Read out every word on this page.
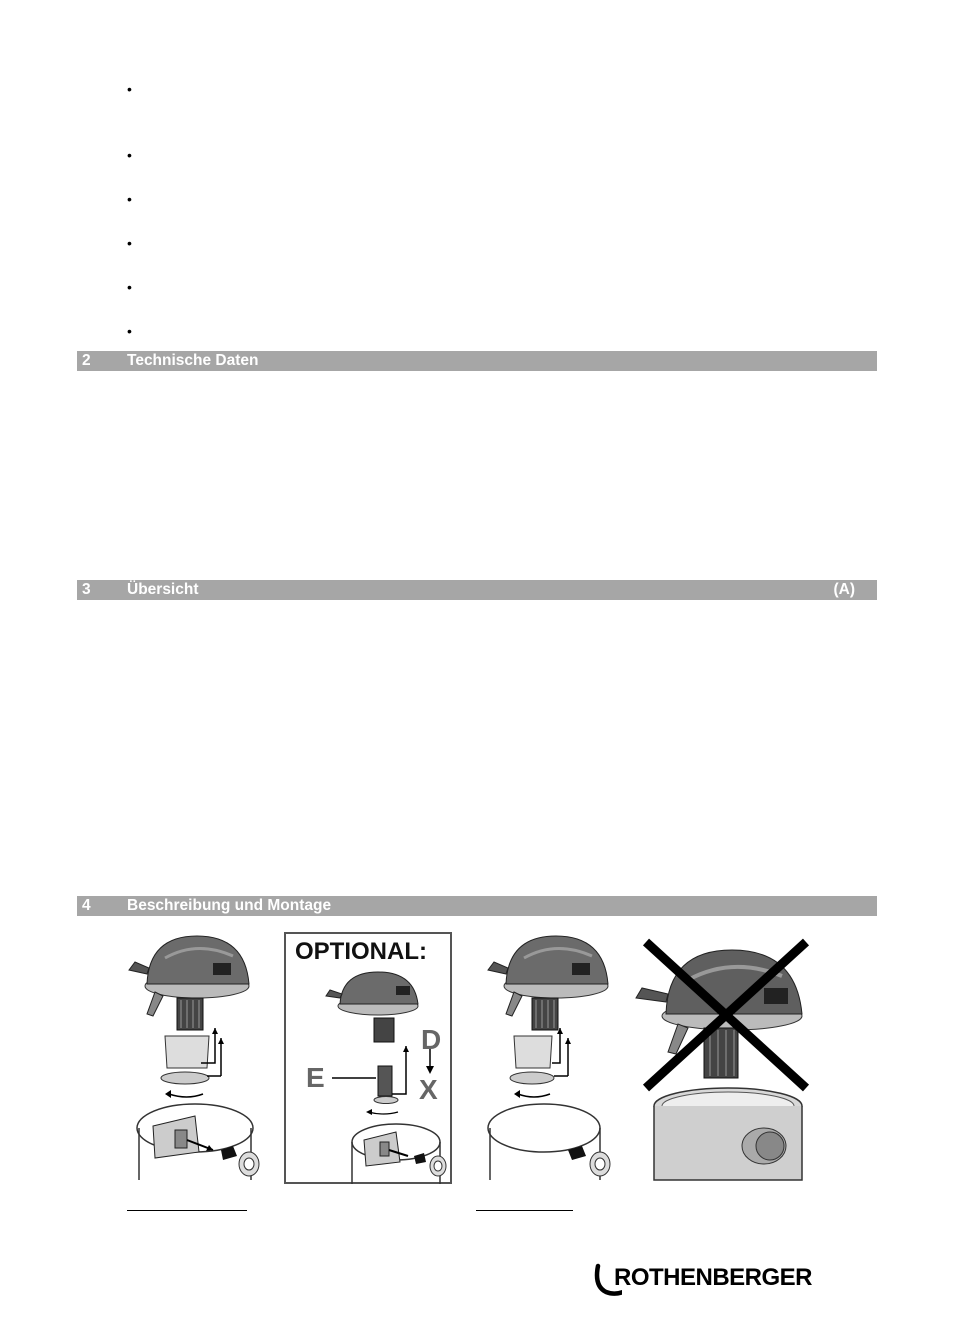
•
•
•
•
•
•
2 Technische Daten
3 Übersicht	(A)
4 Beschreibung und Montage
OPTIONAL:
D
E	X
ROTHENBERGER
